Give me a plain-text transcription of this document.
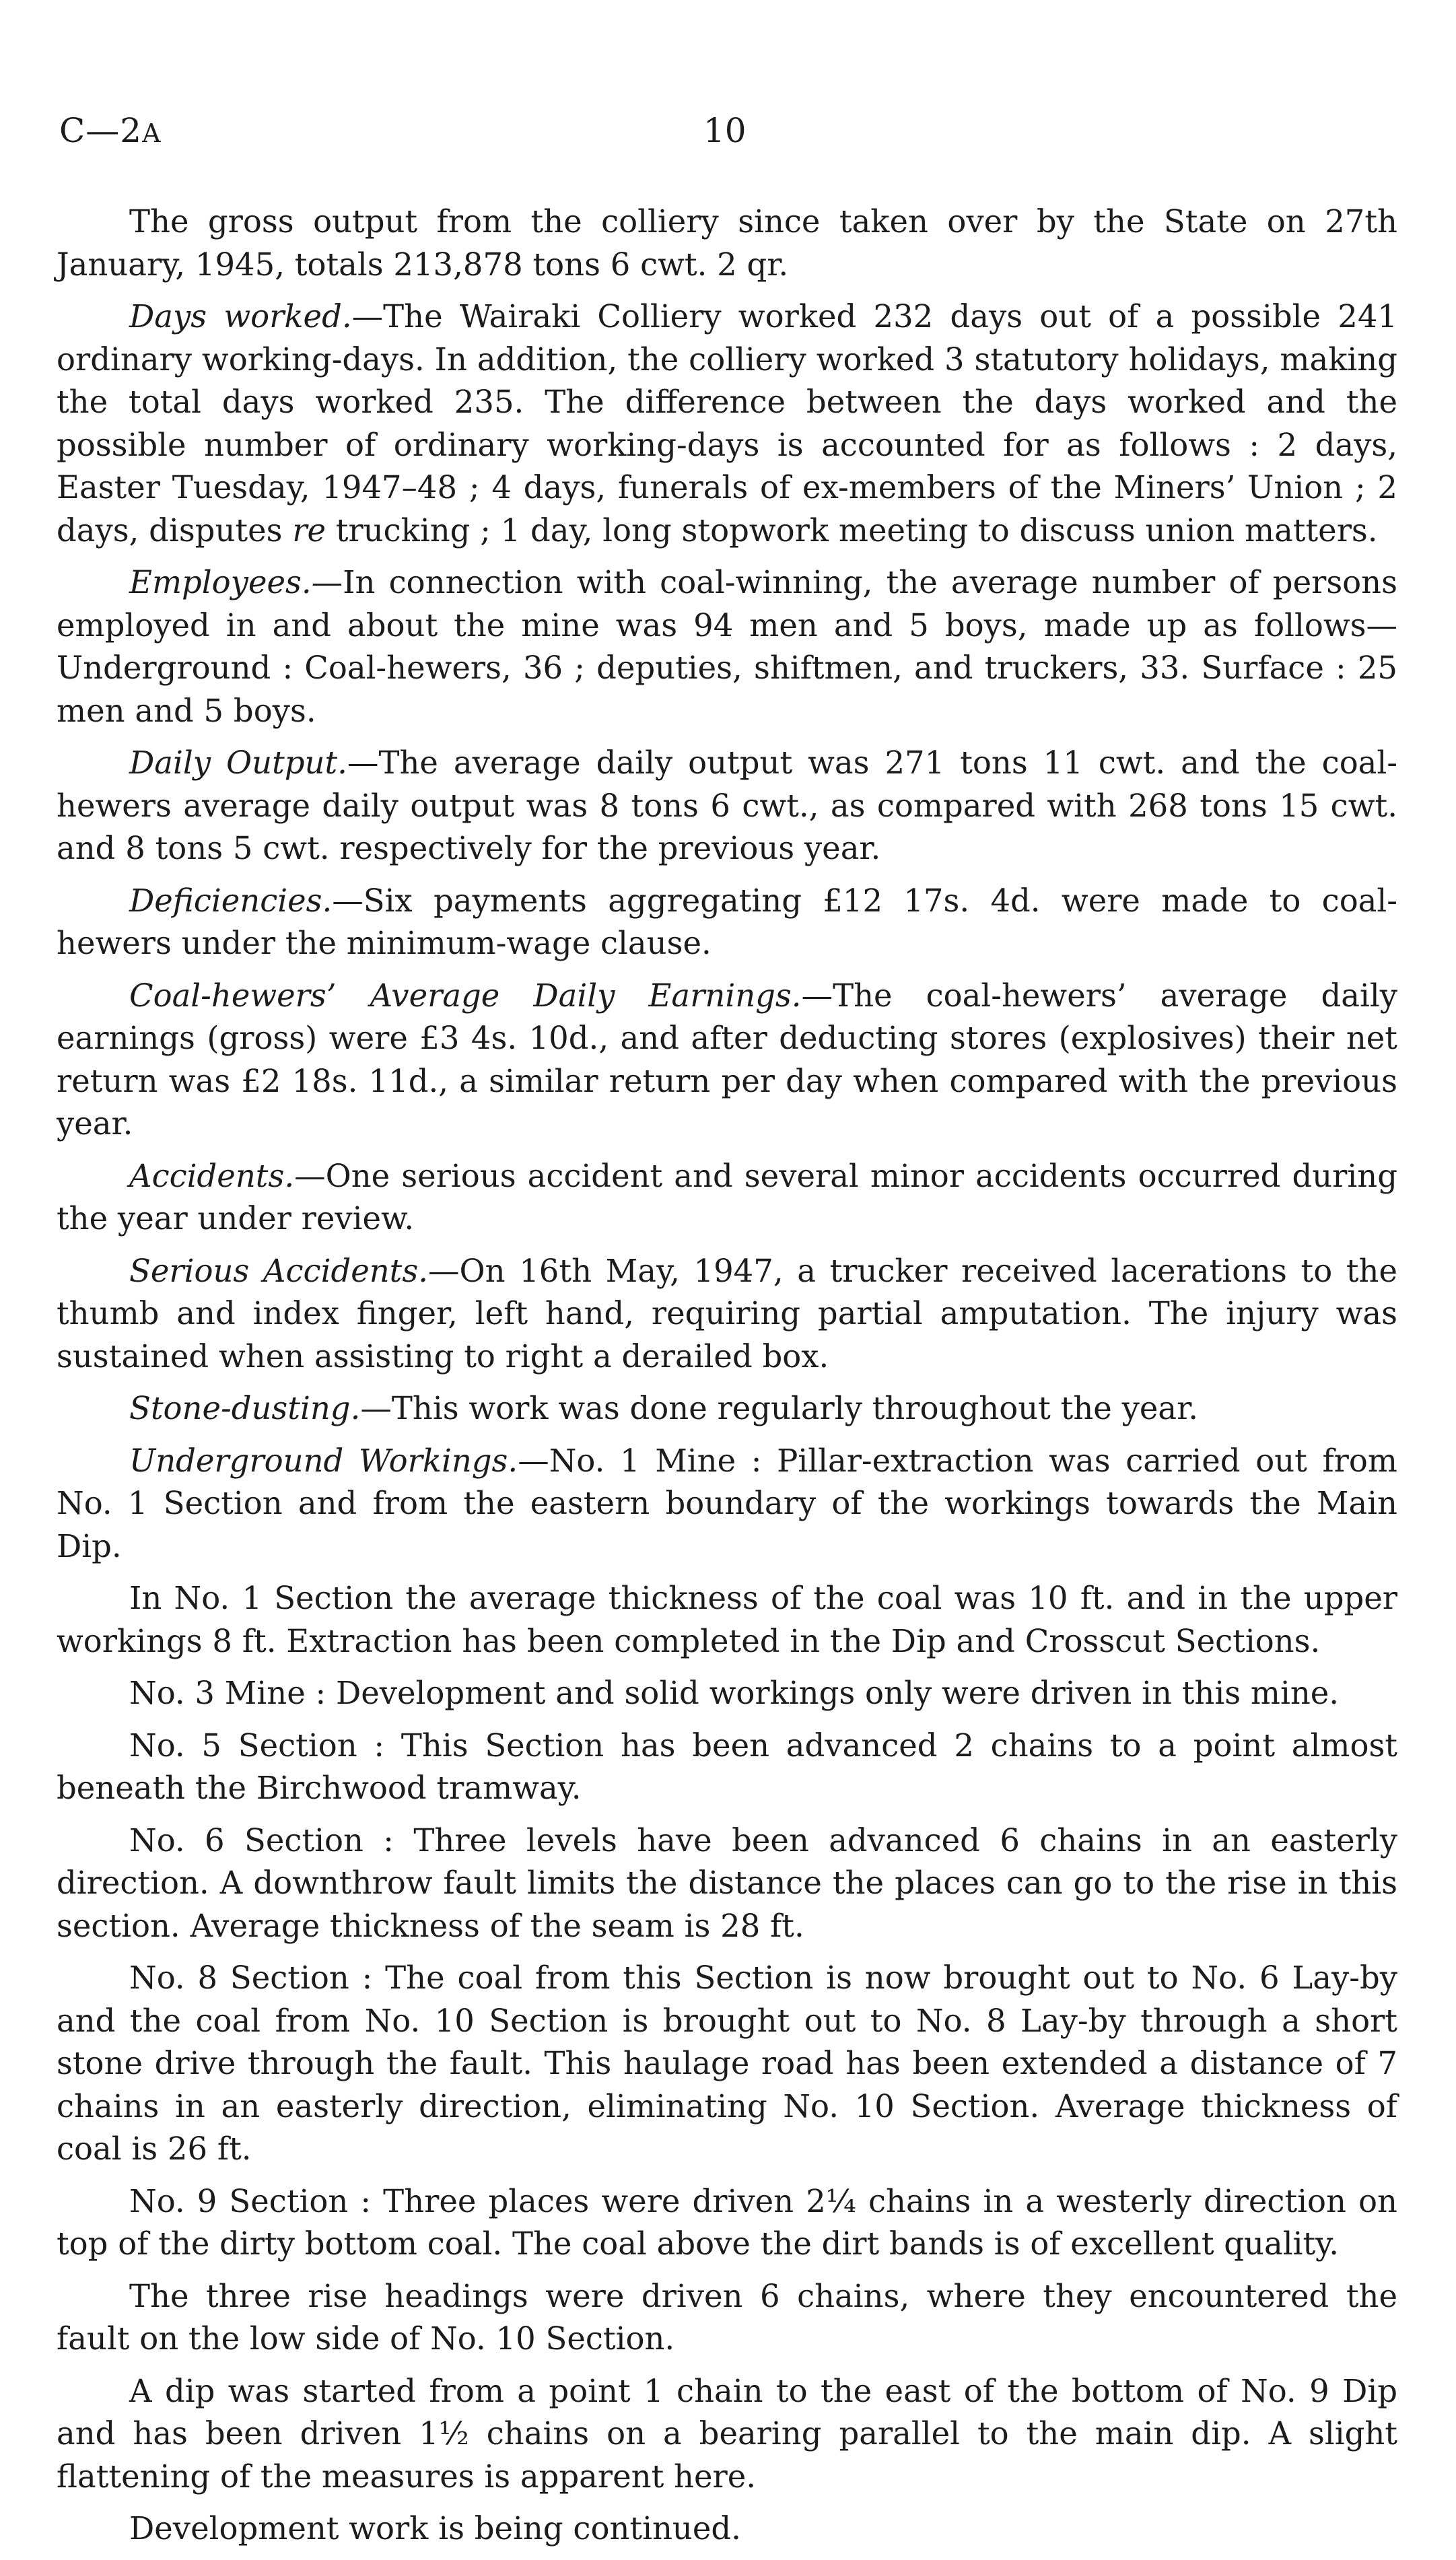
C—2A	10

The gross output from the colliery since taken over by the State on 27th January, 1945, totals 213,878 tons 6 cwt. 2 qr.

Days worked.—The Wairaki Colliery worked 232 days out of a possible 241 ordinary working-days. In addition, the colliery worked 3 statutory holidays, making the total days worked 235. The difference between the days worked and the possible number of ordinary working-days is accounted for as follows : 2 days, Easter Tuesday, 1947–48 ; 4 days, funerals of ex-members of the Miners’ Union ; 2 days, disputes re trucking ; 1 day, long stopwork meeting to discuss union matters.

Employees.—In connection with coal-winning, the average number of persons employed in and about the mine was 94 men and 5 boys, made up as follows—Underground : Coal-hewers, 36 ; deputies, shiftmen, and truckers, 33. Surface : 25 men and 5 boys.

Daily Output.—The average daily output was 271 tons 11 cwt. and the coal-hewers average daily output was 8 tons 6 cwt., as compared with 268 tons 15 cwt. and 8 tons 5 cwt. respectively for the previous year.

Deficiencies.—Six payments aggregating £12 17s. 4d. were made to coal-hewers under the minimum-wage clause.

Coal-hewers’ Average Daily Earnings.—The coal-hewers’ average daily earnings (gross) were £3 4s. 10d., and after deducting stores (explosives) their net return was £2 18s. 11d., a similar return per day when compared with the previous year.

Accidents.—One serious accident and several minor accidents occurred during the year under review.

Serious Accidents.—On 16th May, 1947, a trucker received lacerations to the thumb and index finger, left hand, requiring partial amputation. The injury was sustained when assisting to right a derailed box.

Stone-dusting.—This work was done regularly throughout the year.

Underground Workings.—No. 1 Mine : Pillar-extraction was carried out from No. 1 Section and from the eastern boundary of the workings towards the Main Dip.

In No. 1 Section the average thickness of the coal was 10 ft. and in the upper workings 8 ft. Extraction has been completed in the Dip and Crosscut Sections.

No. 3 Mine : Development and solid workings only were driven in this mine.

No. 5 Section : This Section has been advanced 2 chains to a point almost beneath the Birchwood tramway.

No. 6 Section : Three levels have been advanced 6 chains in an easterly direction. A downthrow fault limits the distance the places can go to the rise in this section. Average thickness of the seam is 28 ft.

No. 8 Section : The coal from this Section is now brought out to No. 6 Lay-by and the coal from No. 10 Section is brought out to No. 8 Lay-by through a short stone drive through the fault. This haulage road has been extended a distance of 7 chains in an easterly direction, eliminating No. 10 Section. Average thickness of coal is 26 ft.

No. 9 Section : Three places were driven 2¼ chains in a westerly direction on top of the dirty bottom coal. The coal above the dirt bands is of excellent quality.

The three rise headings were driven 6 chains, where they encountered the fault on the low side of No. 10 Section.

A dip was started from a point 1 chain to the east of the bottom of No. 9 Dip and has been driven 1½ chains on a bearing parallel to the main dip. A slight flattening of the measures is apparent here.

Development work is being continued.
